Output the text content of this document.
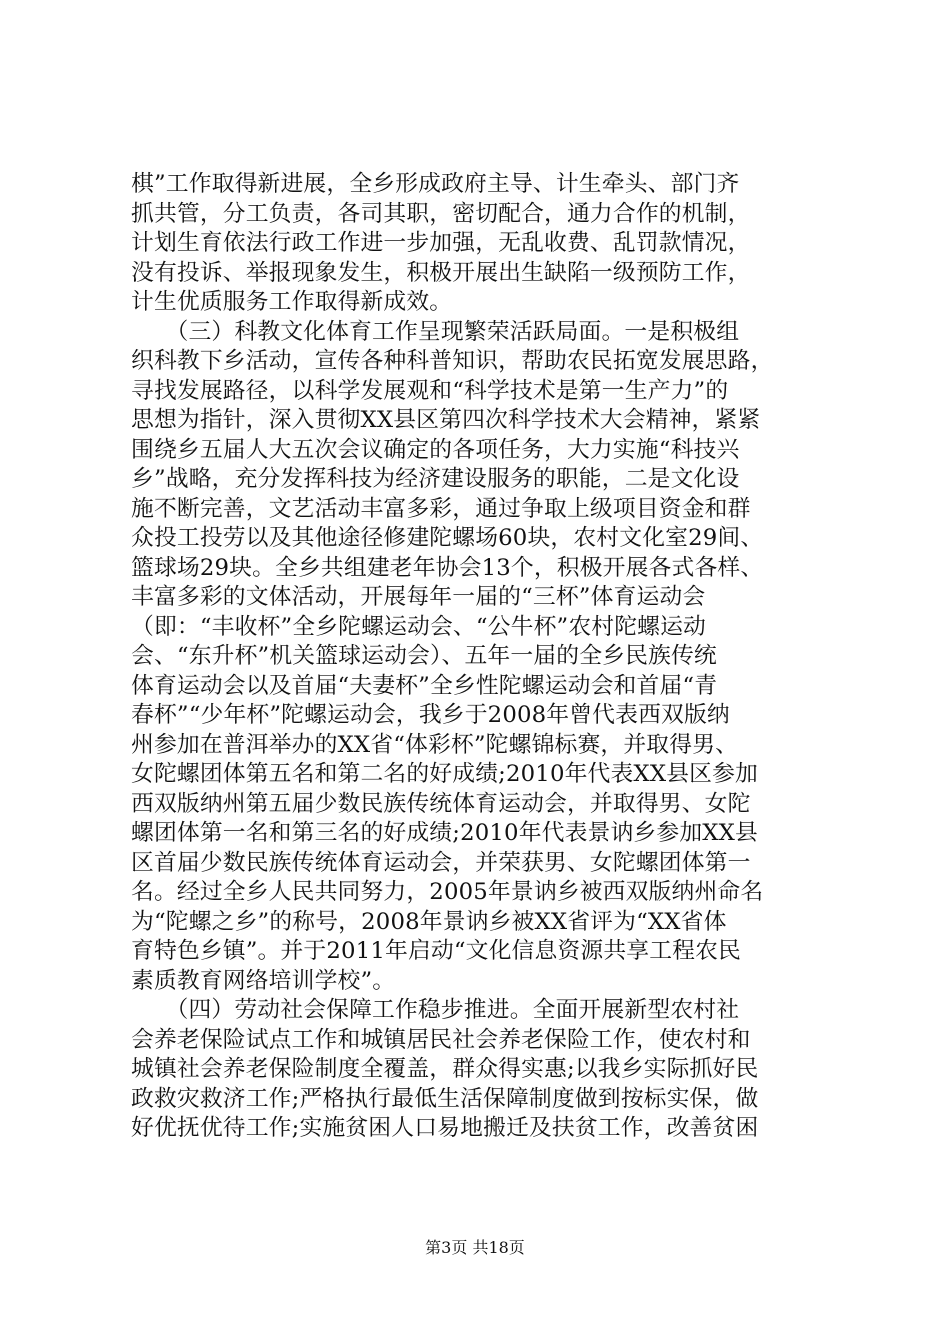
棋”工作取得新进展，全乡形成政府主导、计生牵头、部门齐
抓共管，分工负责，各司其职，密切配合，通力合作的机制，
计划生育依法行政工作进一步加强，无乱收费、乱罚款情况，
没有投诉、举报现象发生，积极开展出生缺陷一级预防工作，
计生优质服务工作取得新成效。
　　（三）科教文化体育工作呈现繁荣活跃局面。一是积极组
织科教下乡活动，宣传各种科普知识，帮助农民拓宽发展思路，
寻找发展路径，以科学发展观和“科学技术是第一生产力”的
思想为指针，深入贯彻XX县区第四次科学技术大会精神，紧紧
围绕乡五届人大五次会议确定的各项任务，大力实施“科技兴
乡”战略，充分发挥科技为经济建设服务的职能，二是文化设
施不断完善，文艺活动丰富多彩，通过争取上级项目资金和群
众投工投劳以及其他途径修建陀螺场60块，农村文化室29间、
篮球场29块。全乡共组建老年协会13个，积极开展各式各样、
丰富多彩的文体活动，开展每年一届的“三杯”体育运动会
（即：“丰收杯”全乡陀螺运动会、“公牛杯”农村陀螺运动
会、“东升杯”机关篮球运动会）、五年一届的全乡民族传统
体育运动会以及首届“夫妻杯”全乡性陀螺运动会和首届“青
春杯”“少年杯”陀螺运动会，我乡于2008年曾代表西双版纳
州参加在普洱举办的XX省“体彩杯”陀螺锦标赛，并取得男、
女陀螺团体第五名和第二名的好成绩;2010年代表XX县区参加
西双版纳州第五届少数民族传统体育运动会，并取得男、女陀
螺团体第一名和第三名的好成绩;2010年代表景讷乡参加XX县
区首届少数民族传统体育运动会，并荣获男、女陀螺团体第一
名。经过全乡人民共同努力，2005年景讷乡被西双版纳州命名
为“陀螺之乡”的称号，2008年景讷乡被XX省评为“XX省体
育特色乡镇”。并于2011年启动“文化信息资源共享工程农民
素质教育网络培训学校”。
　　（四）劳动社会保障工作稳步推进。全面开展新型农村社
会养老保险试点工作和城镇居民社会养老保险工作，使农村和
城镇社会养老保险制度全覆盖，群众得实惠;以我乡实际抓好民
政救灾救济工作;严格执行最低生活保障制度做到按标实保，做
好优抚优待工作;实施贫困人口易地搬迁及扶贫工作，改善贫困
第3页 共18页
